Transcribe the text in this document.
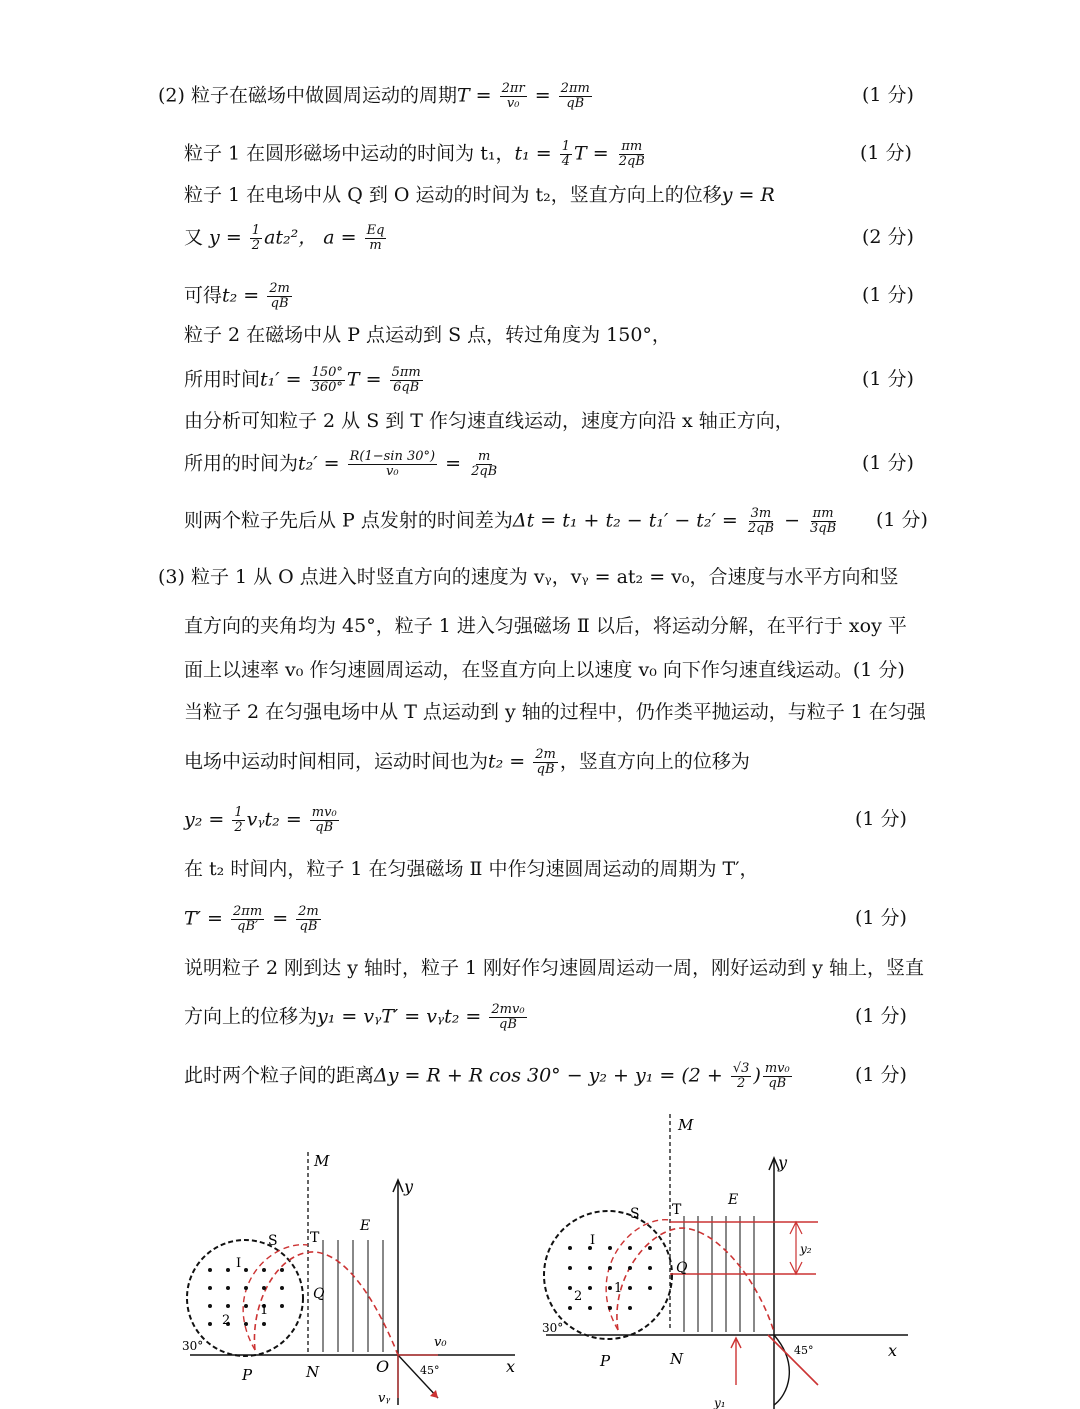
(2) 粒子在磁场中做圆周运动的周期$T = \frac{2\pi r}{\text{v₀}} = \frac{2\pi m}{qB}$	(1 分)
粒子 1 在圆形磁场中运动的时间为 t₁，$t_1 = \frac{1}{4}$ $T = \frac{\pi m}{2qB}$	(1 分)
粒子 1 在电场中从 Q 到 O 运动的时间为 t₂，竖直方向上的位移y = R
又 $y = \frac{1}{2} at_2^2$， $a = \frac{Eq}{m}$	(2 分)
可得$t_2 = \frac{2m}{qB}$	(1 分)
粒子 2 在磁场中从 P 点运动到 S 点，转过角度为 150°，
所用时间$t_1' = \frac{150^\circ}{360^\circ}$ $T = \frac{5\pi m}{6qB}$	(1 分)
由分析可知粒子 2 从 S 到 T 作匀速直线运动，速度方向沿 x 轴正方向，
所用的时间为$t_2' = \frac{R(1-\sin 30^\circ)}{\text{v₀}} = \frac{m}{2qB}$	(1 分)
则两个粒子先后从 P 点发射的时间差为$\Delta t = t_1 + t_2 - t_1' - t_2' = \frac{3m}{2qB} - \frac{\pi m}{3qB} (1$ 分)
(3) 粒子 1 从 O 点进入时竖直方向的速度为 vᵧ，vᵧ = at₂ = v₀，合速度与水平方向和竖
直方向的夹角均为 45°，粒子 1 进入匀强磁场 Ⅱ 以后，将运动分解，在平行于 xoy 平
面上以速率 v₀ 作匀速圆周运动，在竖直方向上以速度 v₀ 向下作匀速直线运动。(1 分)
当粒子 2 在匀强电场中从 T 点运动到 y 轴的过程中，仍作类平抛运动，与粒子 1 在匀强
电场中运动时间相同，运动时间也为$t_2 = \frac{2m}{qB}$ ，竖直方向上的位移为
$y_2 = \frac{1}{2}$ vᵧt₂ = $\frac{\text{mv₀}}{qB}$	(1 分)
在 t₂ 时间内，粒子 1 在匀强磁场 Ⅱ 中作匀速圆周运动的周期为 T′，
$T' = \frac{2\pi m}{qB'} = \frac{2m}{qB}$	(1 分)
说明粒子 2 刚到达 y 轴时，粒子 1 刚好作匀速圆周运动一周，刚好运动到 y 轴上，竖直
方向上的位移为y₁ = vᵧT′ = vᵧt₂ = $\frac{\text{2mv₀}}{qB}$	(1 分)
此时两个粒子间的距离Δy = R + R $\cos 30^\circ - y_2 + y_1 = (2 + \frac{√3}{2}$ ) $\frac{\text{mv₀}}{qB}$	(1 分)
M
y
S T
E
I
Q
2
1
30°
P	N	O	x
v₀
45°
vᵧ
M
y
S T
E
I
Q
2
1
30°
P	N	x
45°
y₂
y₁
